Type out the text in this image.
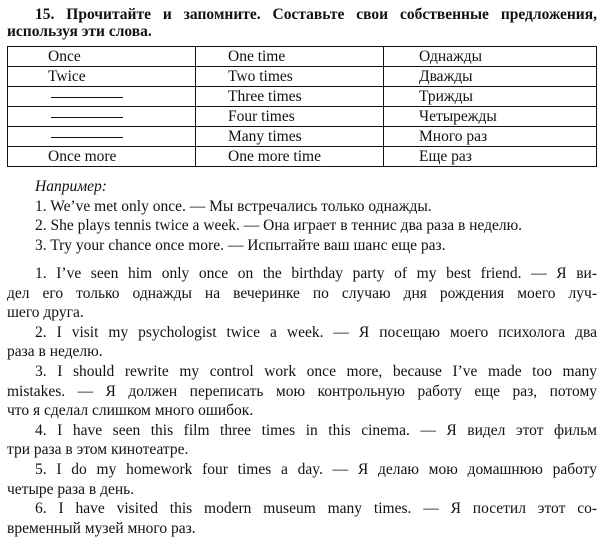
15. Прочитайте и запомните. Составьте свои собственные предложения,
используя эти слова.
Once	One time	Однажды
Twice	Two times	Дважды
	Three times	Трижды
	Four times	Четырежды
	Many times	Много раз
Once more	One more time	Еще раз
Например:
1. We’ve met only once. — Мы встречались только однажды.
2. She plays tennis twice a week. — Она играет в теннис два раза в неделю.
3. Try your chance once more. — Испытайте ваш шанс еще раз.
1. I’ve seen him only once on the birthday party of my best friend. — Я ви-
дел его только однажды на вечеринке по случаю дня рождения моего луч-
шего друга.
2. I visit my psychologist twice a week. — Я посещаю моего психолога два
раза в неделю.
3. I should rewrite my control work once more, because I’ve made too many
mistakes. — Я должен переписать мою контрольную работу еще раз, потому
что я сделал слишком много ошибок.
4. I have seen this film three times in this cinema. — Я видел этот фильм
три раза в этом кинотеатре.
5. I do my homework four times a day. — Я делаю мою домашнюю работу
четыре раза в день.
6. I have visited this modern museum many times. — Я посетил этот со-
временный музей много раз.
